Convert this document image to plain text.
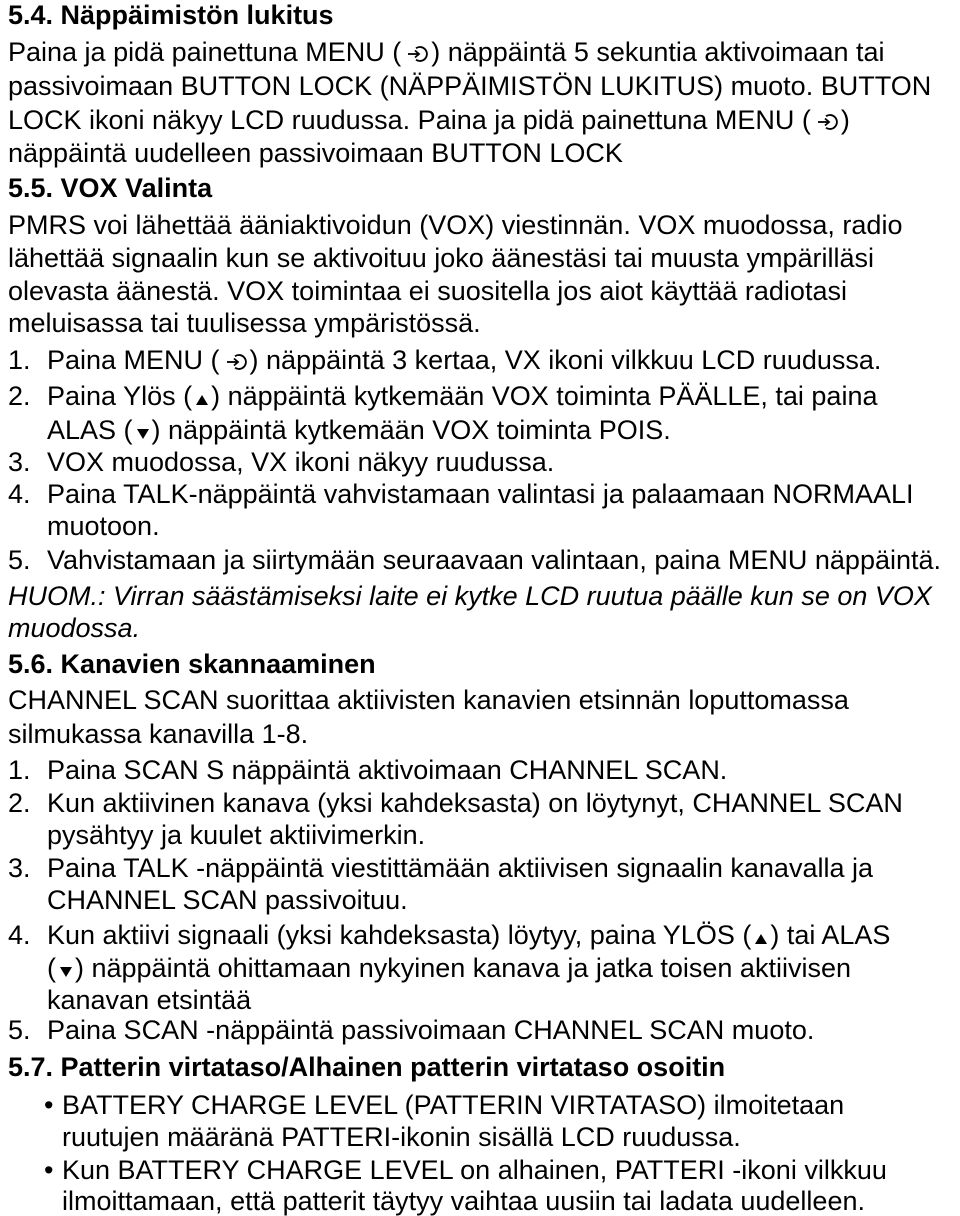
5.4. Näppäimistön lukitus
Paina ja pidä painettuna MENU ( ) näppäintä 5 sekuntia aktivoimaan tai
passivoimaan BUTTON LOCK (NÄPPÄIMISTÖN LUKITUS) muoto. BUTTON
LOCK ikoni näkyy LCD ruudussa. Paina ja pidä painettuna MENU ( )
näppäintä uudelleen passivoimaan BUTTON LOCK
5.5. VOX Valinta
PMRS voi lähettää ääniaktivoidun (VOX) viestinnän. VOX muodossa, radio
lähettää signaalin kun se aktivoituu joko äänestäsi tai muusta ympärilläsi
olevasta äänestä. VOX toimintaa ei suositella jos aiot käyttää radiotasi
meluisassa tai tuulisessa ympäristössä.
1. Paina MENU ( ) näppäintä 3 kertaa, VX ikoni vilkkuu LCD ruudussa.
2. Paina Ylös ( ) näppäintä kytkemään VOX toiminta PÄÄLLE, tai paina
ALAS ( ) näppäintä kytkemään VOX toiminta POIS.
3. VOX muodossa, VX ikoni näkyy ruudussa.
4. Paina TALK-näppäintä vahvistamaan valintasi ja palaamaan NORMAALI
muotoon.
5. Vahvistamaan ja siirtymään seuraavaan valintaan, paina MENU näppäintä.
HUOM.: Virran säästämiseksi laite ei kytke LCD ruutua päälle kun se on VOX
muodossa.
5.6. Kanavien skannaaminen
CHANNEL SCAN suorittaa aktiivisten kanavien etsinnän loputtomassa
silmukassa kanavilla 1-8.
1. Paina SCAN S näppäintä aktivoimaan CHANNEL SCAN.
2. Kun aktiivinen kanava (yksi kahdeksasta) on löytynyt, CHANNEL SCAN
pysähtyy ja kuulet aktiivimerkin.
3. Paina TALK -näppäintä viestittämään aktiivisen signaalin kanavalla ja
CHANNEL SCAN passivoituu.
4. Kun aktiivi signaali (yksi kahdeksasta) löytyy, paina YLÖS ( ) tai ALAS
( ) näppäintä ohittamaan nykyinen kanava ja jatka toisen aktiivisen
kanavan etsintää
5. Paina SCAN -näppäintä passivoimaan CHANNEL SCAN muoto.
5.7. Patterin virtataso/Alhainen patterin virtataso osoitin
• BATTERY CHARGE LEVEL (PATTERIN VIRTATASO) ilmoitetaan
ruutujen määränä PATTERI-ikonin sisällä LCD ruudussa.
• Kun BATTERY CHARGE LEVEL on alhainen, PATTERI -ikoni vilkkuu
ilmoittamaan, että patterit täytyy vaihtaa uusiin tai ladata uudelleen.
